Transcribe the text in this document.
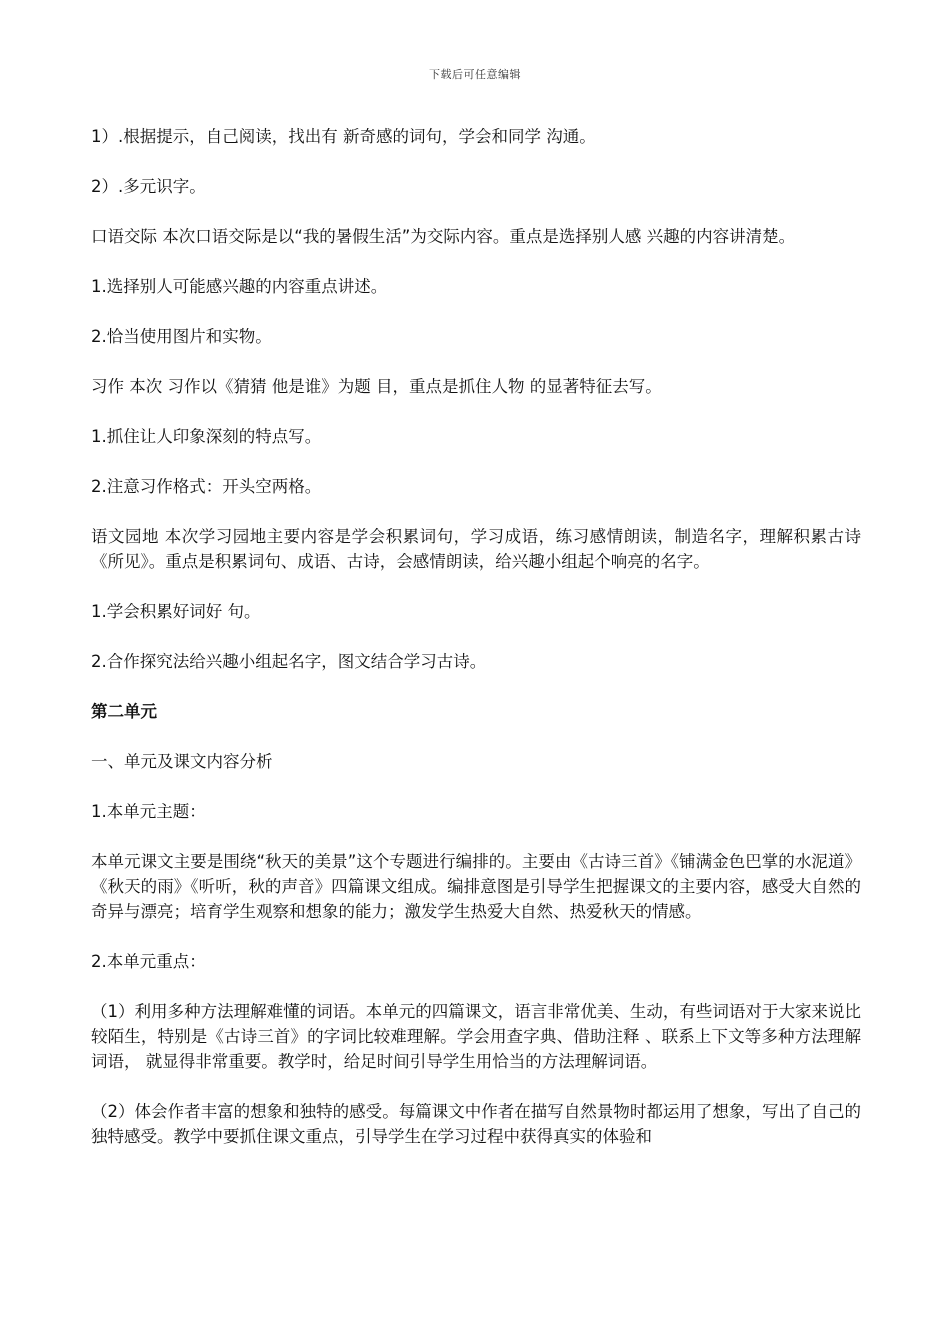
下载后可任意编辑

1）.根据提示，自己阅读，找出有 新奇感的词句，学会和同学 沟通。

2）.多元识字。

口语交际 本次口语交际是以“我的暑假生活”为交际内容。重点是选择别人感 兴趣的内容讲清楚。

1.选择别人可能感兴趣的内容重点讲述。

2.恰当使用图片和实物。

习作 本次 习作以《猜猜 他是谁》为题 目，重点是抓住人物 的显著特征去写。

1.抓住让人印象深刻的特点写。

2.注意习作格式：开头空两格。

语文园地 本次学习园地主要内容是学会积累词句，学习成语，练习感情朗读，制造名字，理解积累古诗《所见》。重点是积累词句、成语、古诗，会感情朗读，给兴趣小组起个响亮的名字。

1.学会积累好词好 句。

2.合作探究法给兴趣小组起名字，图文结合学习古诗。

第二单元

一、单元及课文内容分析

1.本单元主题：

本单元课文主要是围绕“秋天的美景”这个专题进行编排的。主要由《古诗三首》《铺满金色巴掌的水泥道》《秋天的雨》《听听，秋的声音》四篇课文组成。编排意图是引导学生把握课文的主要内容，感受大自然的奇异与漂亮；培育学生观察和想象的能力；激发学生热爱大自然、热爱秋天的情感。

2.本单元重点：

（1）利用多种方法理解难懂的词语。本单元的四篇课文，语言非常优美、生动，有些词语对于大家来说比较陌生，特别是《古诗三首》的字词比较难理解。学会用查字典、借助注释 、联系上下文等多种方法理解词语， 就显得非常重要。教学时，给足时间引导学生用恰当的方法理解词语。

（2）体会作者丰富的想象和独特的感受。每篇课文中作者在描写自然景物时都运用了想象，写出了自己的独特感受。教学中要抓住课文重点，引导学生在学习过程中获得真实的体验和
